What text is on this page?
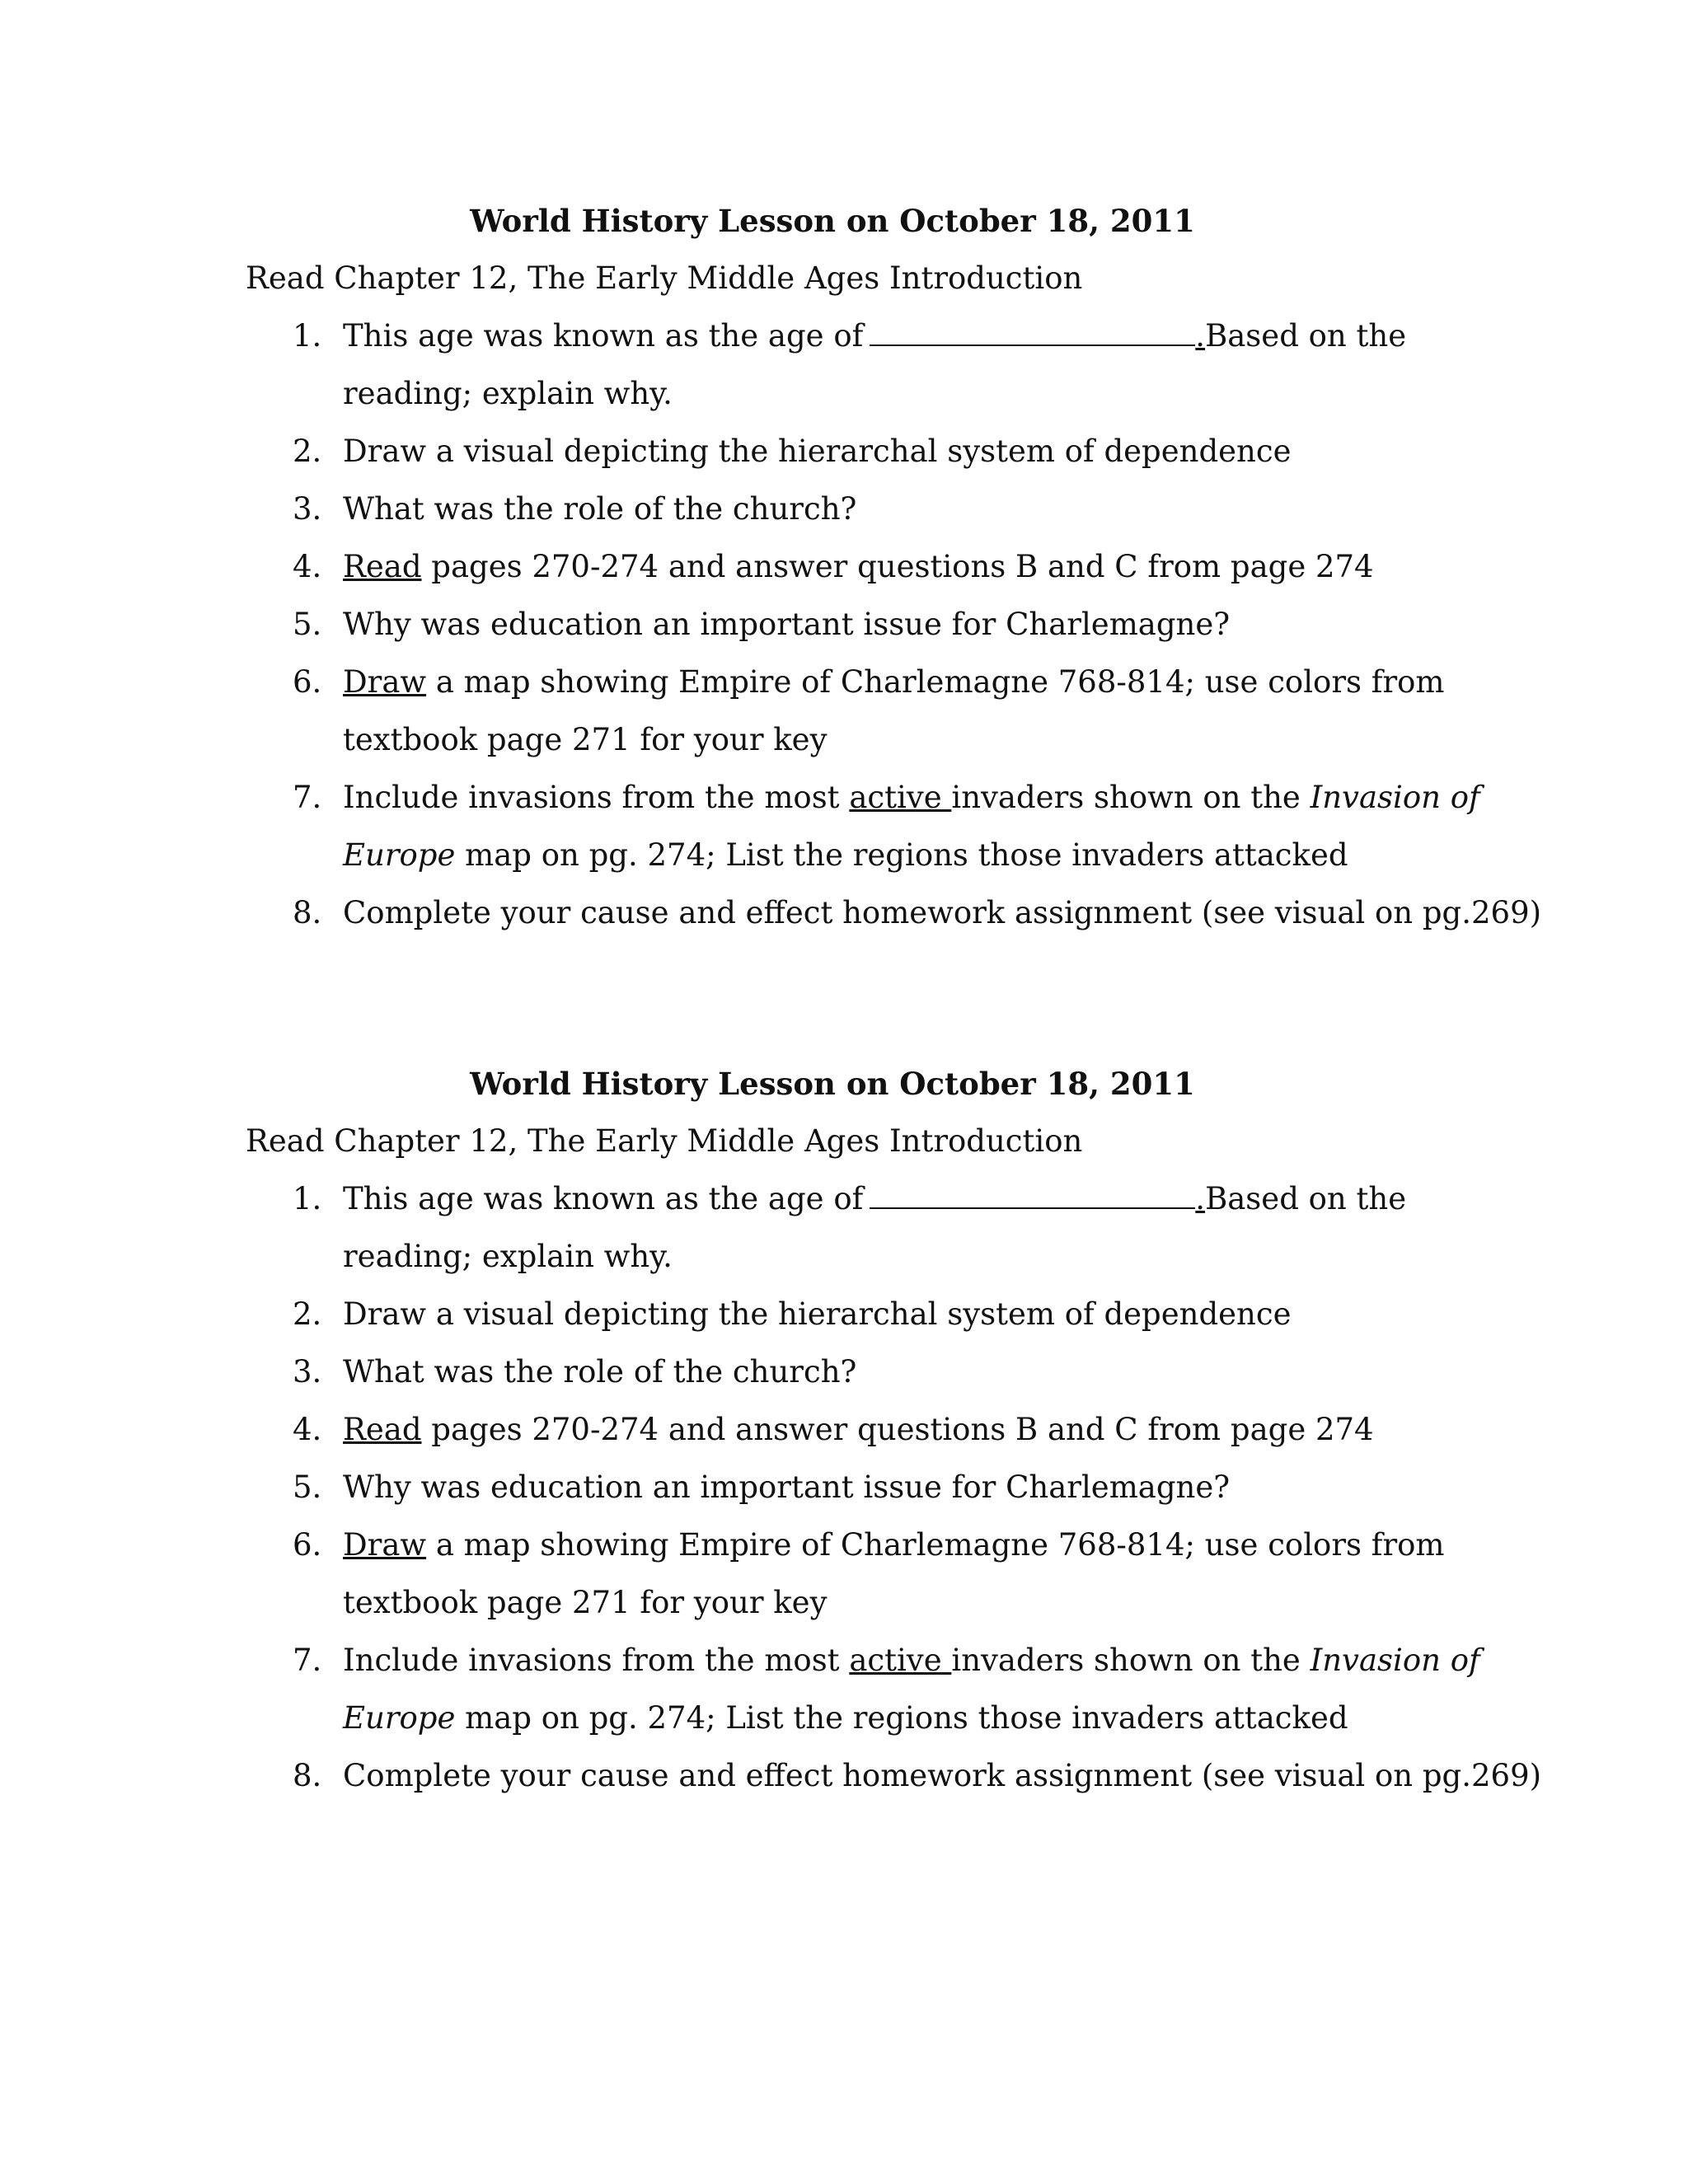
World History Lesson on October 18, 2011
Read Chapter 12, The Early Middle Ages Introduction
1. This age was known as the age of	.Based on the
reading; explain why.
2. Draw a visual depicting the hierarchal system of dependence
3. What was the role of the church?
4. Read pages 270-274 and answer questions B and C from page 274
5. Why was education an important issue for Charlemagne?
6. Draw a map showing Empire of Charlemagne 768-814; use colors from
textbook page 271 for your key
7. Include invasions from the most active invaders shown on the Invasion of
Europe map on pg. 274; List the regions those invaders attacked
8. Complete your cause and effect homework assignment (see visual on pg.269)
World History Lesson on October 18, 2011
Read Chapter 12, The Early Middle Ages Introduction
1. This age was known as the age of	.Based on the
reading; explain why.
2. Draw a visual depicting the hierarchal system of dependence
3. What was the role of the church?
4. Read pages 270-274 and answer questions B and C from page 274
5. Why was education an important issue for Charlemagne?
6. Draw a map showing Empire of Charlemagne 768-814; use colors from
textbook page 271 for your key
7. Include invasions from the most active invaders shown on the Invasion of
Europe map on pg. 274; List the regions those invaders attacked
8. Complete your cause and effect homework assignment (see visual on pg.269)
